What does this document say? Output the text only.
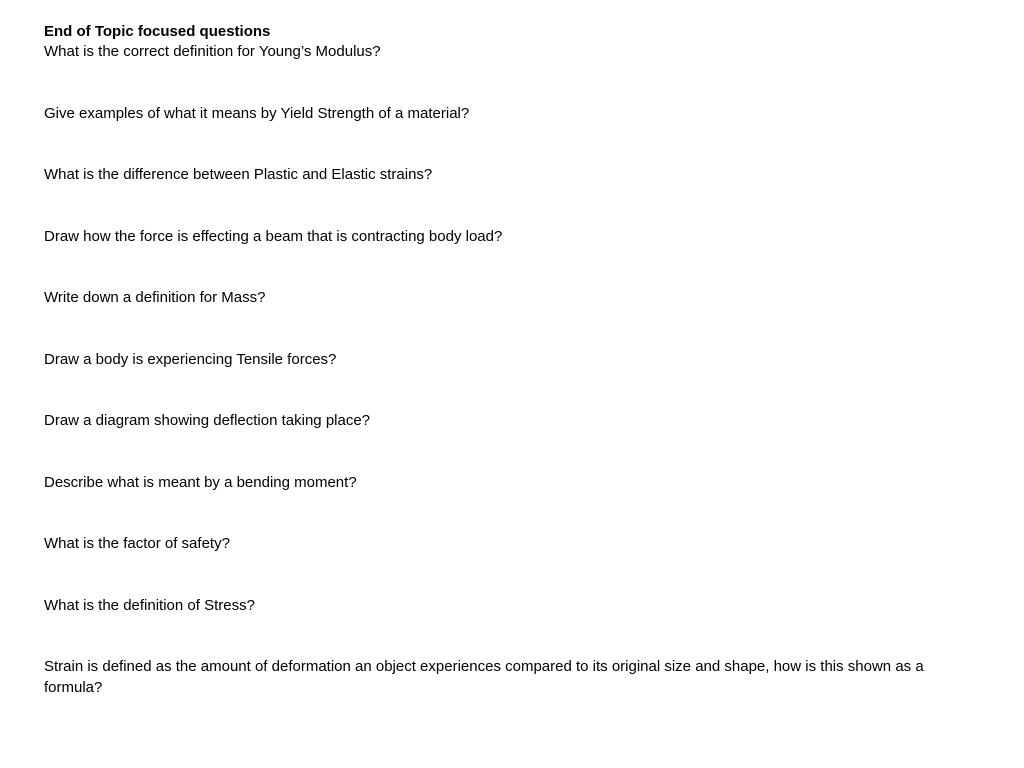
End of Topic focused questions

What is the correct definition for Young’s Modulus?
Give examples of what it means by Yield Strength of a material?
What is the difference between Plastic and Elastic strains?
Draw how the force is effecting a beam that is contracting body load?
Write down a definition for Mass?
Draw a body is experiencing Tensile forces?
Draw a diagram showing deflection taking place?
Describe what is meant by a bending moment?
What is the factor of safety?
What is the definition of Stress?
Strain is defined as the amount of deformation an object experiences compared to its original size and shape, how is this shown as a formula?
